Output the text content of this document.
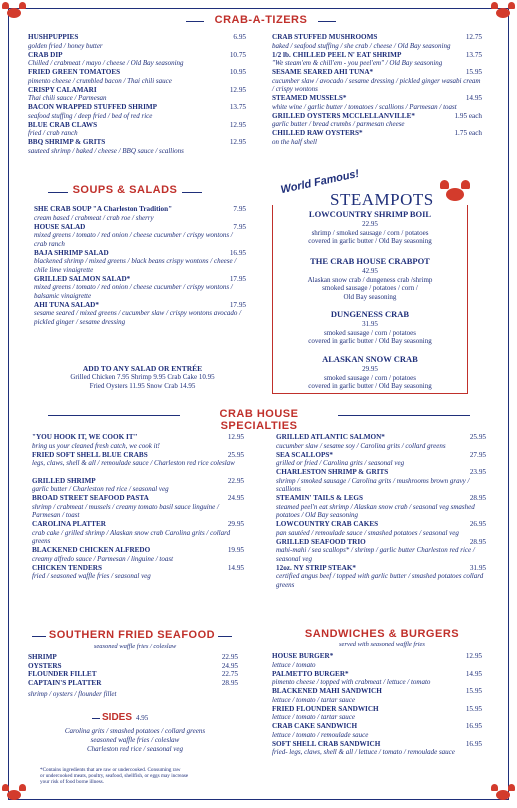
CRAB-A-TIZERS
HUSHPUPPIES	6.95
golden fried / honey butter
CRAB DIP	10.75
Chilled / crabmeat / mayo / cheese / Old Bay seasoning
FRIED GREEN TOMATOES	10.95
pimento cheese / crumbled bacon / Thai chili sauce
CRISPY CALAMARI	12.95
Thai chili sauce / Parmesan
BACON WRAPPED STUFFED SHRIMP	13.75
seafood stuffing / deep fried / bed of red rice
BLUE CRAB CLAWS	12.95
fried / crab ranch
BBQ SHRIMP & GRITS	12.95
sauteed shrimp / baked / cheese / BBQ sauce / scallions
CRAB STUFFED MUSHROOMS	12.75
baked / seafood stuffing / she crab / cheese / Old Bay seasoning
1/2 lb. CHILLED PEEL N' EAT SHRIMP	13.75
"We steam'em & chill'em - you peel'em" / Old Bay seasoning
SESAME SEARED AHI TUNA*	15.95
cucumber slaw / avocado / sesame dressing / pickled ginger wasabi cream / crispy wontons
STEAMED MUSSELS*	14.95
white wine / garlic butter / tomatoes / scallions / Parmesan / toast
GRILLED OYSTERS MCCLELLANVILLE*	1.95 each
garlic butter / bread crumbs / parmesan cheese
CHILLED RAW OYSTERS*	1.75 each
on the half shell
SOUPS & SALADS
SHE CRAB SOUP "A Charleston Tradition"	7.95
cream based / crabmeat / crab roe / sherry
HOUSE SALAD	7.95
mixed greens / tomato / red onion / cheese cucumber / crispy wontons / crab ranch
BAJA SHRIMP SALAD	16.95
blackened shrimp / mixed greens / black beans crispy wontons / cheese / chile lime vinaigrette
GRILLED SALMON SALAD*	17.95
mixed greens / tomato / red onion / cheese cucumber / crispy wontons / balsamic vinaigrette
AHI TUNA SALAD*	17.95
sesame seared / mixed greens / cucumber slaw / crispy wontons avocado / pickled ginger / sesame dressing
ADD TO ANY SALAD OR ENTRÉE
Grilled Chicken 7.95 Shrimp 9.95 Crab Cake 10.95
Fried Oysters 11.95 Snow Crab 14.95
World Famous!
STEAMPOTS
LOWCOUNTRY SHRIMP BOIL
22.95
shrimp / smoked sausage / corn / potatoes
covered in garlic butter / Old Bay seasoning
THE CRAB HOUSE CRABPOT
42.95
Alaskan snow crab / dungeness crab /shrimp
smoked sausage / potatoes / corn /
Old Bay seasoning
DUNGENESS CRAB
31.95
smoked sausage / corn / potatoes
covered in garlic butter / Old Bay seasoning
ALASKAN SNOW CRAB
29.95
smoked sausage / corn / potatoes
covered in garlic butter / Old Bay seasoning
CRAB HOUSE SPECIALTIES
"YOU HOOK IT, WE COOK IT"	12.95
bring us your cleaned fresh catch, we cook it!
FRIED SOFT SHELL BLUE CRABS	25.95
legs, claws, shell & all / remoulade sauce / Charleston red rice coleslaw
GRILLED SHRIMP	22.95
garlic butter / Charleston red rice / seasonal veg
BROAD STREET SEAFOOD PASTA	24.95
shrimp / crabmeat / mussels / creamy tomato basil sauce linguine / Parmesan / toast
CAROLINA PLATTER	29.95
crab cake / grilled shrimp / Alaskan snow crab Carolina grits / collard greens
BLACKENED CHICKEN ALFREDO	19.95
creamy alfredo sauce / Parmesan / linguine / toast
CHICKEN TENDERS	14.95
fried / seasoned waffle fries / seasonal veg
GRILLED ATLANTIC SALMON*	25.95
cucumber slaw / sesame soy / Carolina grits / collard greens
SEA SCALLOPS*	27.95
grilled or fried / Carolina grits / seasonal veg
CHARLESTON SHRIMP & GRITS	23.95
shrimp / smoked sausage / Carolina grits / mushrooms brown gravy / scallions
STEAMIN' TAILS & LEGS	28.95
steamed peel'n eat shrimp / Alaskan snow crab / seasonal veg smashed potatoes / Old Bay seasoning
LOWCOUNTRY CRAB CAKES	26.95
pan sautéed / remoulade sauce / smashed potatoes / seasonal veg
GRILLED SEAFOOD TRIO	28.95
mahi-mahi / sea scallops* / shrimp / garlic butter Charleston red rice / seasonal veg
12oz. NY STRIP STEAK*	31.95
certified angus beef / topped with garlic butter / smashed potatoes collard greens
SOUTHERN FRIED SEAFOOD
seasoned waffle fries / coleslaw
SHRIMP	22.95
OYSTERS	24.95
FLOUNDER FILLET	22.75
CAPTAIN'S PLATTER	28.95
shrimp / oysters / flounder fillet
SIDES 4.95
Carolina grits / smashed potatoes / collard greens
seasoned waffle fries / coleslaw
Charleston red rice / seasonal veg
*Contains ingredients that are raw or undercooked. Consuming raw
or undercooked meats, poultry, seafood, shellfish, or eggs may increase
your risk of food borne illness.
SANDWICHES & BURGERS
served with seasoned waffle fries
HOUSE BURGER*	12.95
lettuce / tomato
PALMETTO BURGER*	14.95
pimento cheese / topped with crabmeat / lettuce / tomato
BLACKENED MAHI SANDWICH	15.95
lettuce / tomato / tartar sauce
FRIED FLOUNDER SANDWICH	15.95
lettuce / tomato / tartar sauce
CRAB CAKE SANDWICH	16.95
lettuce / tomato / remoulade sauce
SOFT SHELL CRAB SANDWICH	16.95
fried- legs, claws, shell & all / lettuce / tomato / remoulade sauce
